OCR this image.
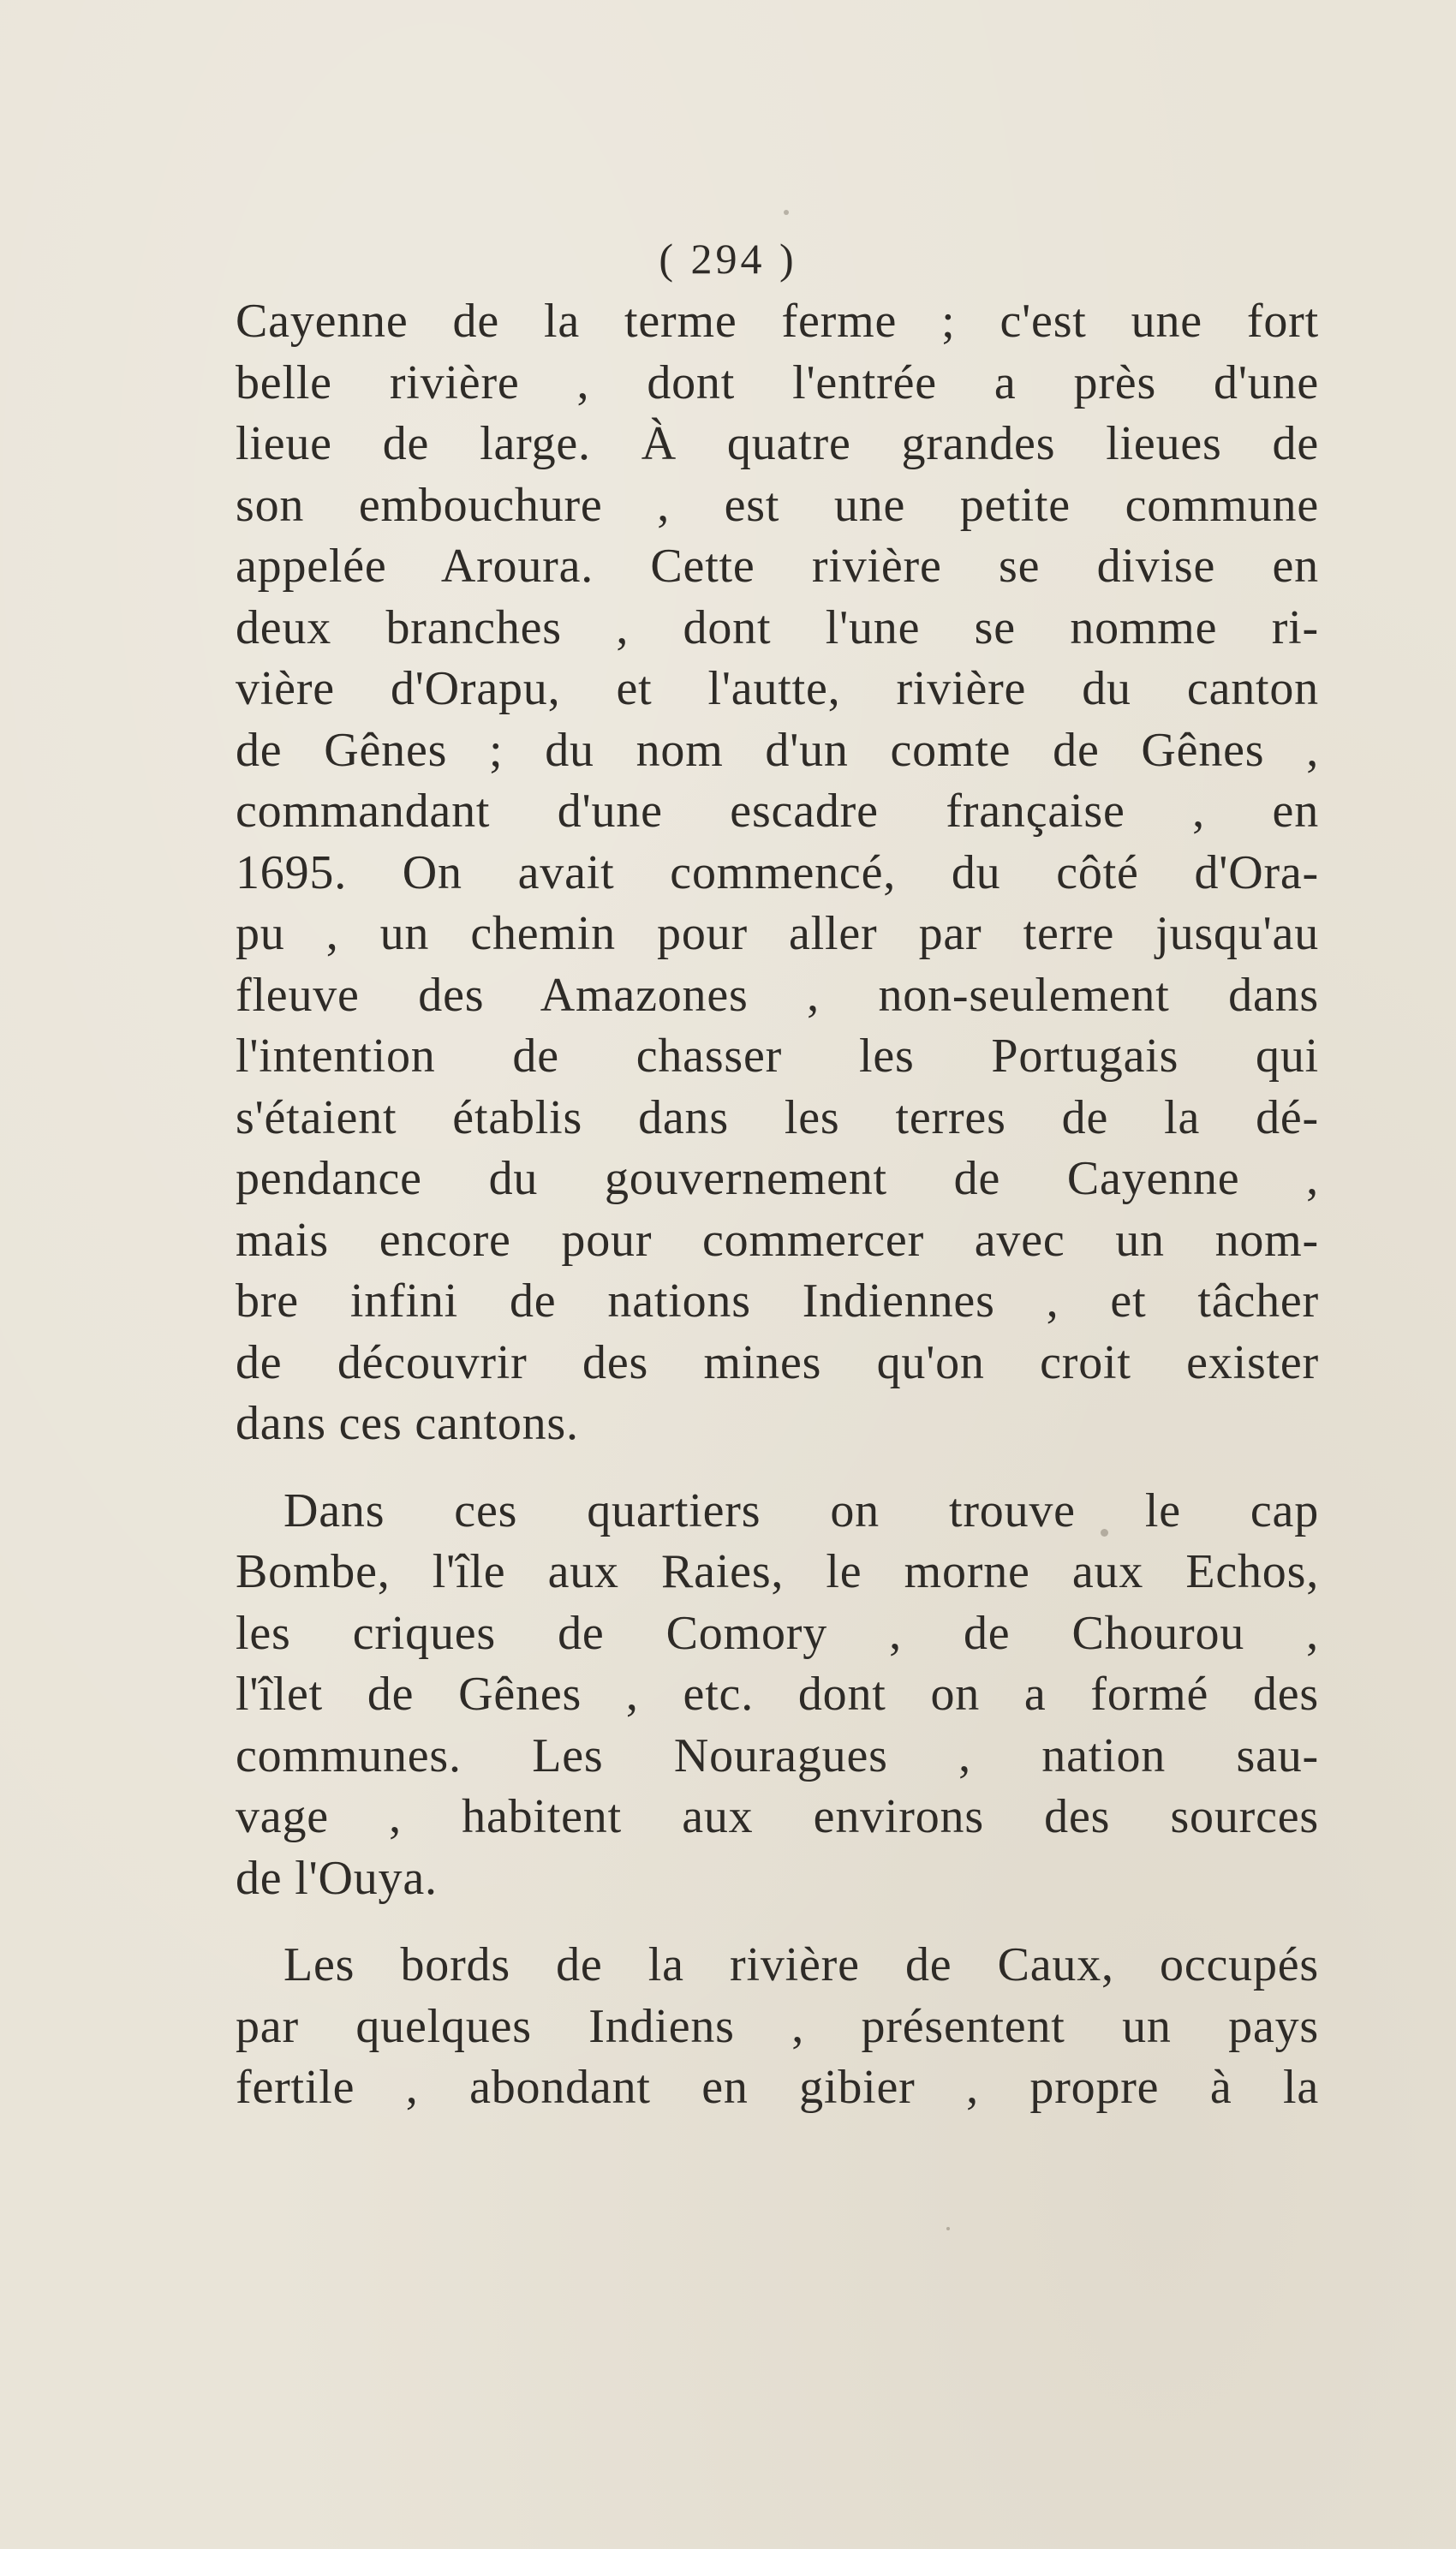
( 294 )
Cayenne de la terme ferme ; c'est une fort
belle rivière , dont l'entrée a près d'une
lieue de large. À quatre grandes lieues de
son embouchure , est une petite commune
appelée Aroura. Cette rivière se divise en
deux branches , dont l'une se nomme ri-
vière d'Orapu, et l'autte, rivière du canton
de Gênes ; du nom d'un comte de Gênes ,
commandant d'une escadre française , en
1695. On avait commencé, du côté d'Ora-
pu , un chemin pour aller par terre jusqu'au
fleuve des Amazones , non-seulement dans
l'intention de chasser les Portugais qui
s'étaient établis dans les terres de la dé-
pendance du gouvernement de Cayenne ,
mais encore pour commercer avec un nom-
bre infini de nations Indiennes , et tâcher
de découvrir des mines qu'on croit exister
dans ces cantons.
Dans ces quartiers on trouve le cap
Bombe, l'île aux Raies, le morne aux Echos,
les criques de Comory , de Chourou ,
l'îlet de Gênes , etc. dont on a formé des
communes. Les Nouragues , nation sau-
vage , habitent aux environs des sources
de l'Ouya.
Les bords de la rivière de Caux, occupés
par quelques Indiens , présentent un pays
fertile , abondant en gibier , propre à la
